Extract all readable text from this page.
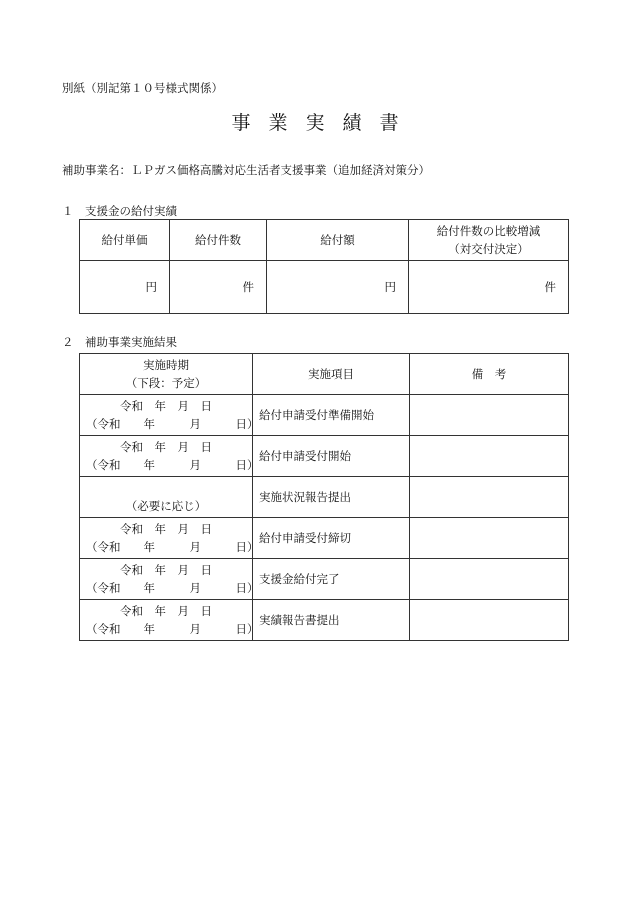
別紙（別記第１０号様式関係）
事業実績書
補助事業名：ＬＰガス価格高騰対応生活者支援事業（追加経済対策分）
１　支援金の給付実績
給付単価	給付件数	給付額	給付件数の比較増減
（対交付決定）

円	件	円	件
２　補助事業実施結果
実施時期
（下段：予定）	実施項目	備　考

令和　年　月　日
（令和　　年　　　月　　　日）	給付申請受付準備開始	

令和　年　月　日
（令和　　年　　　月　　　日）	給付申請受付開始	

（必要に応じ）	実施状況報告提出	

令和　年　月　日
（令和　　年　　　月　　　日）	給付申請受付締切	

令和　年　月　日
（令和　　年　　　月　　　日）	支援金給付完了	

令和　年　月　日
（令和　　年　　　月　　　日）	実績報告書提出	
